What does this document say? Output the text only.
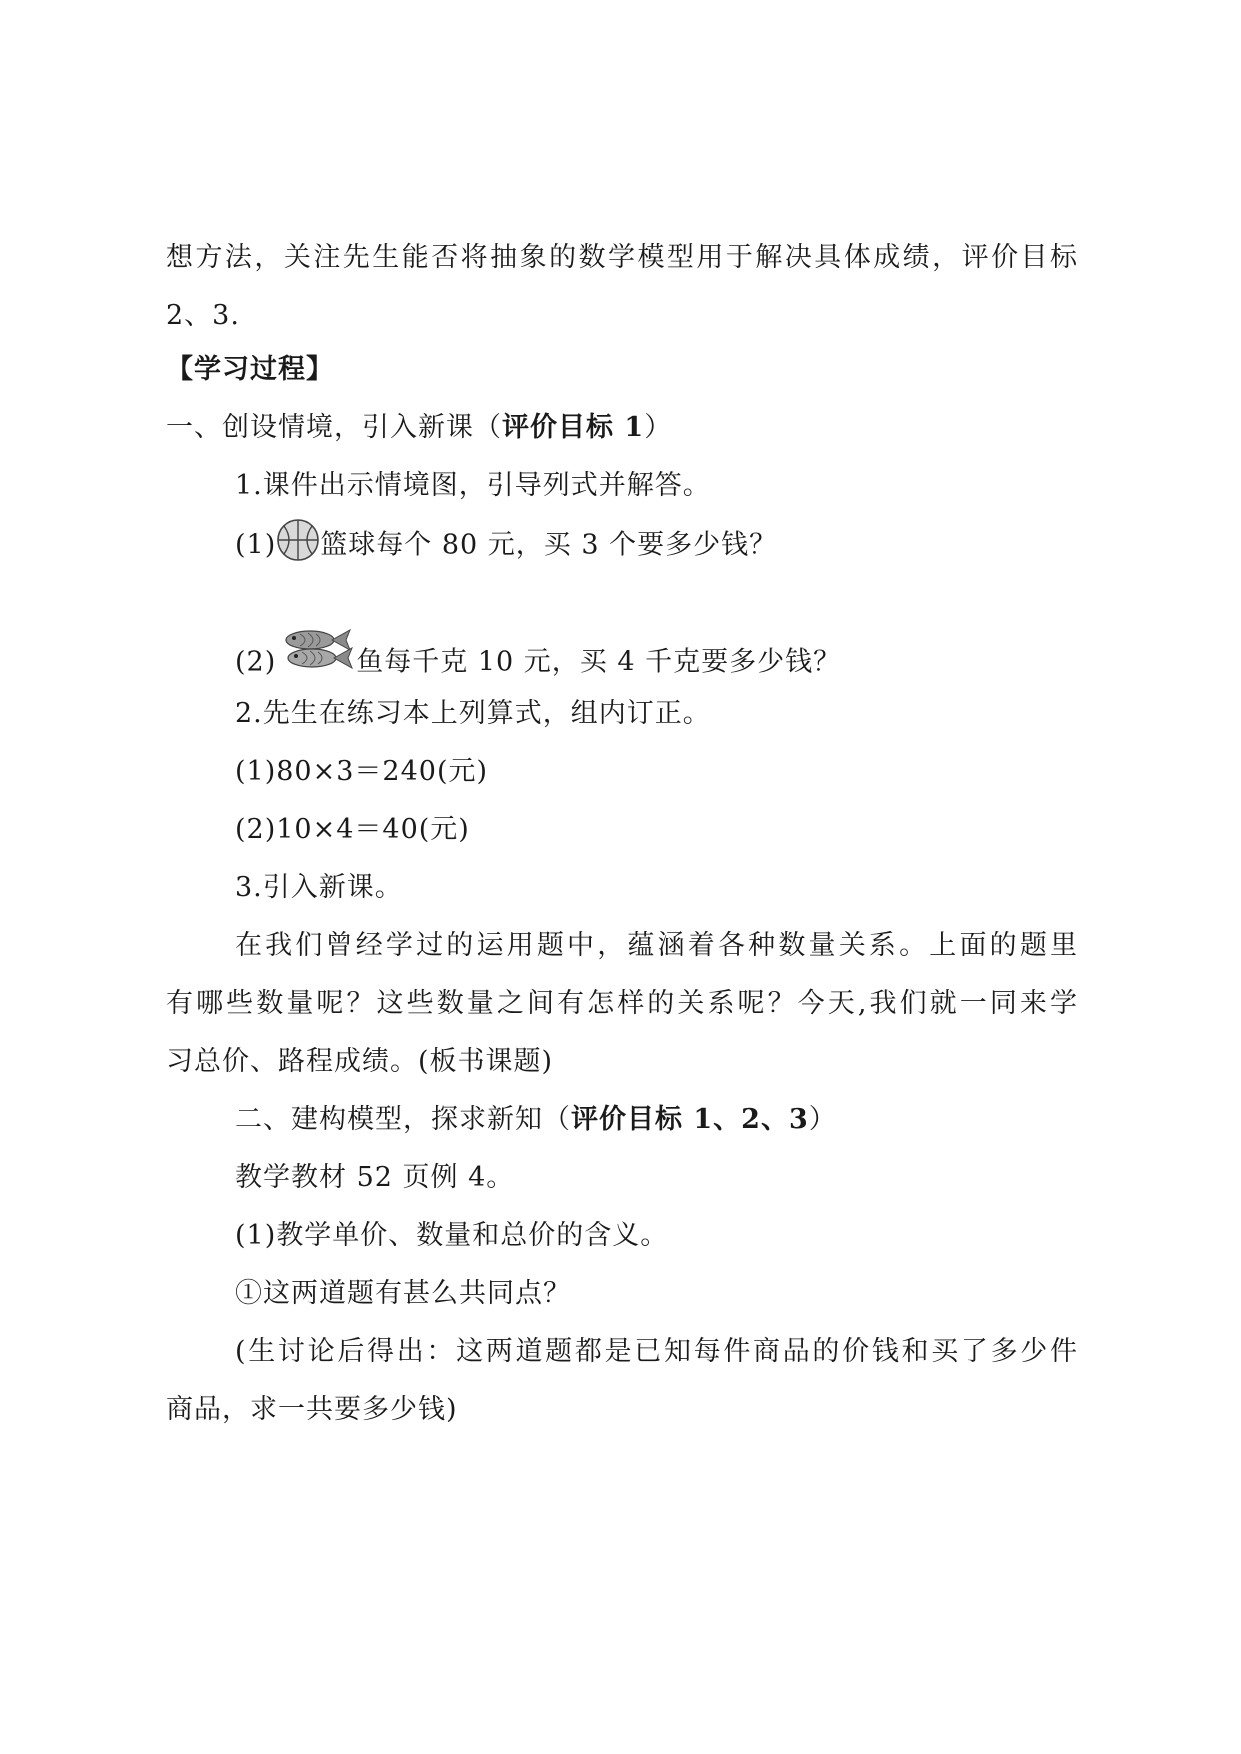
想方法，关注先生能否将抽象的数学模型用于解决具体成绩，评价目标
2、3.
【学习过程】
一、创设情境，引入新课（评价目标 1）
1.课件出示情境图，引导列式并解答。
(1) 篮球每个 80 元，买 3 个要多少钱？
(2)	鱼每千克 10 元，买 4 千克要多少钱？
2.先生在练习本上列算式，组内订正。
(1)80×3＝240(元)
(2)10×4＝40(元)
3.引入新课。
在我们曾经学过的运用题中，蕴涵着各种数量关系。上面的题里
有哪些数量呢？这些数量之间有怎样的关系呢？今天,我们就一同来学
习总价、路程成绩。(板书课题)
二、建构模型，探求新知（评价目标 1、2、3）
教学教材 52 页例 4。
(1)教学单价、数量和总价的含义。
①这两道题有甚么共同点？
(生讨论后得出：这两道题都是已知每件商品的价钱和买了多少件
商品，求一共要多少钱)
